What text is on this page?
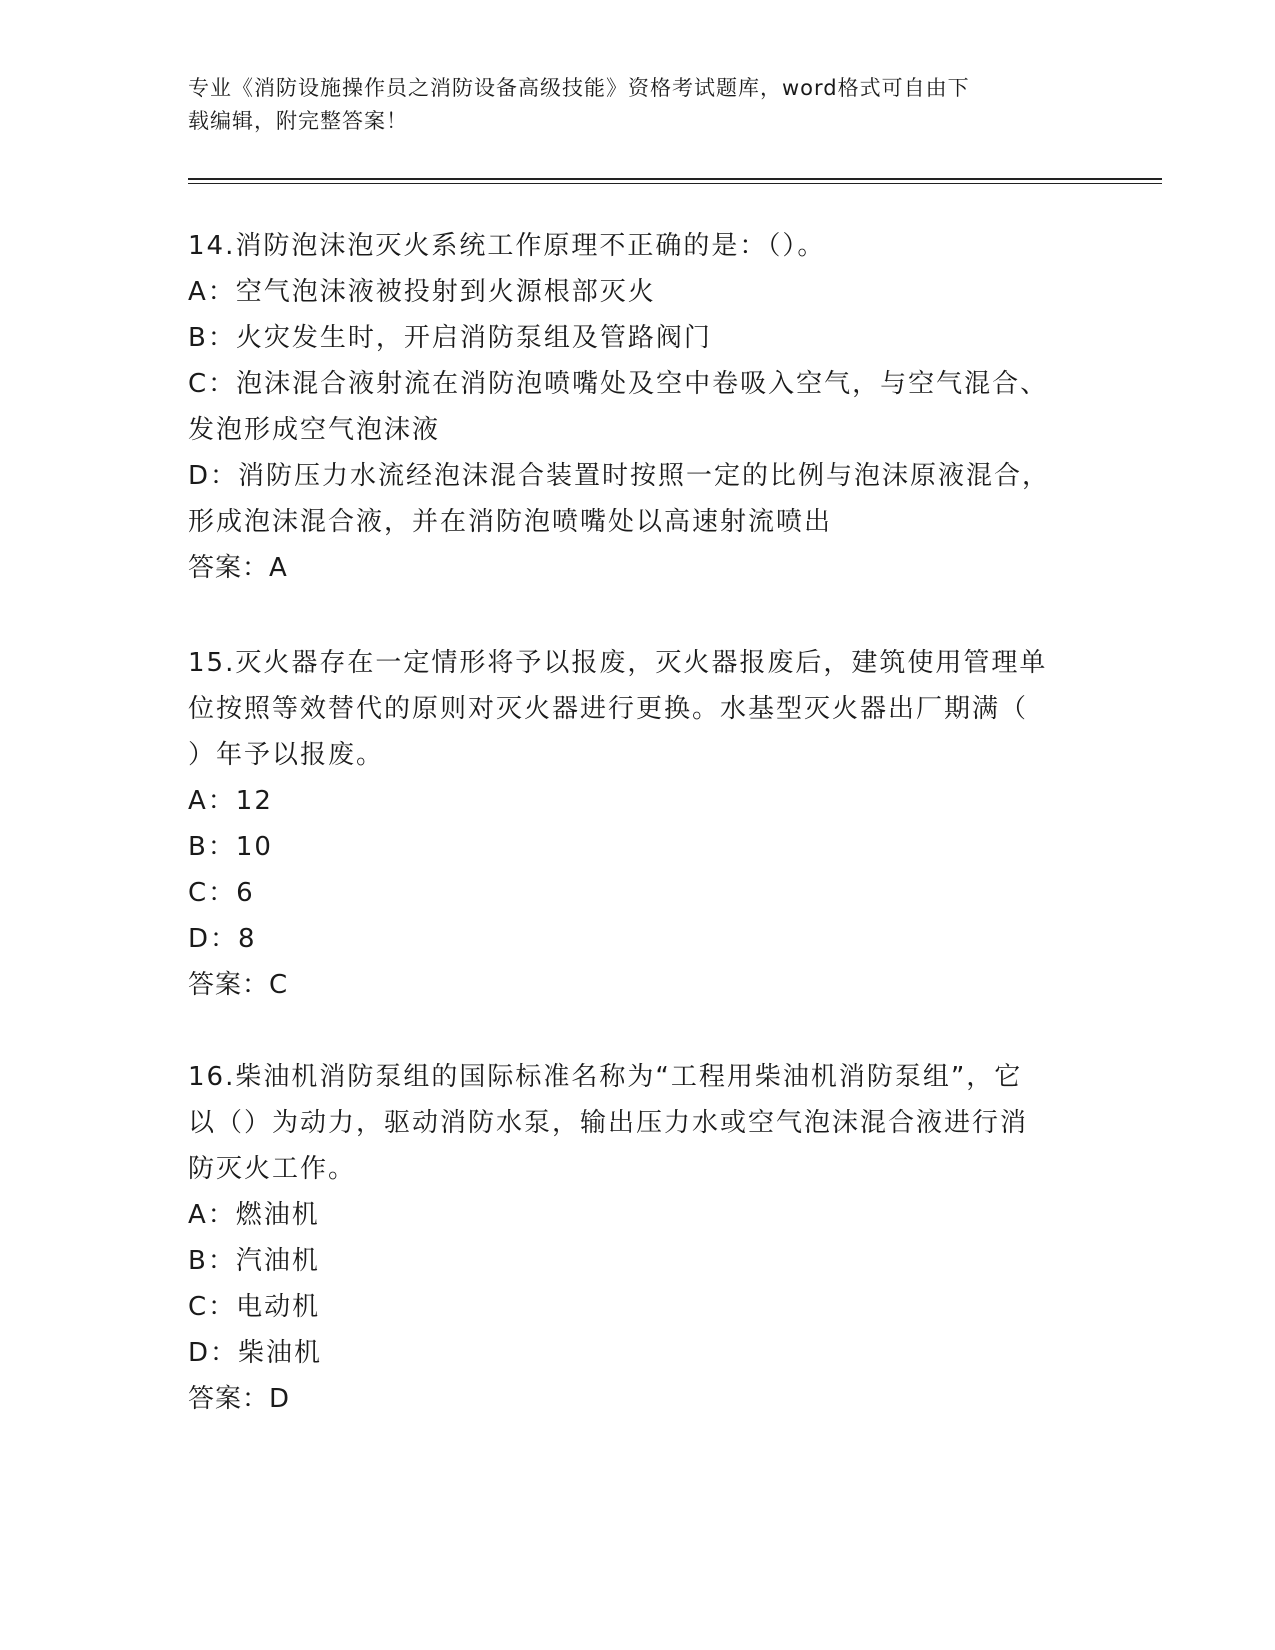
专业《消防设施操作员之消防设备高级技能》资格考试题库，word格式可自由下
载编辑，附完整答案！
14.消防泡沫泡灭火系统工作原理不正确的是：（）。
A：空气泡沫液被投射到火源根部灭火
B：火灾发生时，开启消防泵组及管路阀门
C：泡沫混合液射流在消防泡喷嘴处及空中卷吸入空气，与空气混合、
发泡形成空气泡沫液
D：消防压力水流经泡沫混合装置时按照一定的比例与泡沫原液混合，
形成泡沫混合液，并在消防泡喷嘴处以高速射流喷出
答案：A
15.灭火器存在一定情形将予以报废，灭火器报废后，建筑使用管理单
位按照等效替代的原则对灭火器进行更换。水基型灭火器出厂期满（
）年予以报废。
A：12
B：10
C：6
D：8
答案：C
16.柴油机消防泵组的国际标准名称为“工程用柴油机消防泵组”，它
以（）为动力，驱动消防水泵，输出压力水或空气泡沫混合液进行消
防灭火工作。
A：燃油机
B：汽油机
C：电动机
D：柴油机
答案：D
